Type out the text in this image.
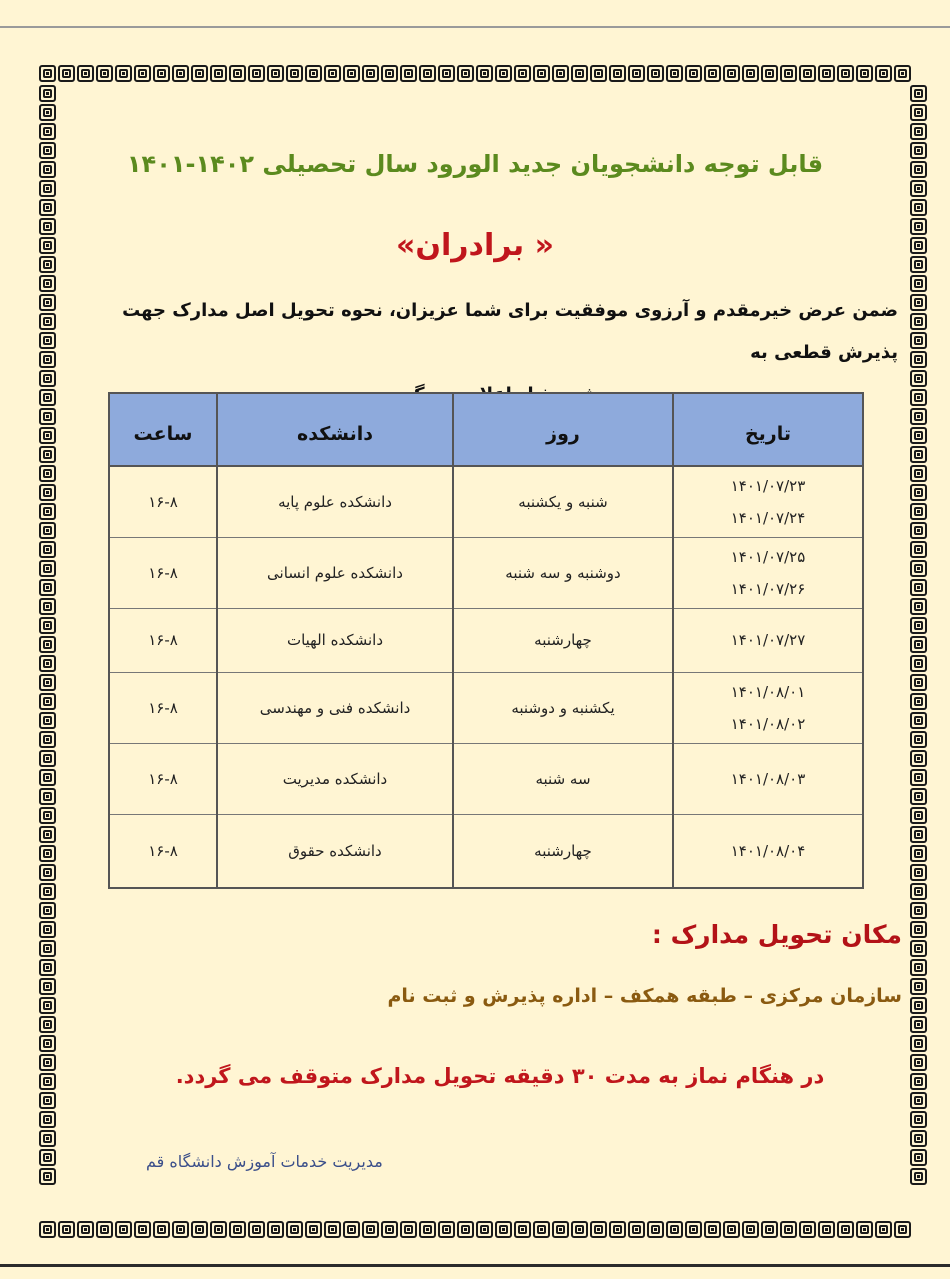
قابل توجه دانشجویان جدید الورود سال تحصیلی ۱۴۰۲-۱۴۰۱
« برادران»
ضمن عرض خیرمقدم و آرزوی موفقیت برای شما عزیزان، نحوه تحویل اصل مدارک جهت پذیرش قطعی به
تاریخ	روز	دانشکده	ساعت

۱۴۰۱/۰۷/۲۳
۱۴۰۱/۰۷/۲۴	شنبه و یکشنبه	دانشکده علوم پایه	۱۶-۸

۱۴۰۱/۰۷/۲۵
۱۴۰۱/۰۷/۲۶	دوشنبه و سه شنبه	دانشکده علوم انسانی	۱۶-۸

۱۴۰۱/۰۷/۲۷	چهارشنبه	دانشکده الهیات	۱۶-۸

۱۴۰۱/۰۸/۰۱
۱۴۰۱/۰۸/۰۲	یکشنبه و دوشنبه	دانشکده فنی و مهندسی	۱۶-۸

۱۴۰۱/۰۸/۰۳	سه شنبه	دانشکده مدیریت	۱۶-۸

۱۴۰۱/۰۸/۰۴	چهارشنبه	دانشکده حقوق	۱۶-۸
مکان تحویل مدارک :
سازمان مرکزی – طبقه همکف – اداره پذیرش و ثبت نام
در هنگام نماز به مدت ۳۰ دقیقه تحویل مدارک متوقف می گردد.
مدیریت خدمات آموزش دانشگاه قم
